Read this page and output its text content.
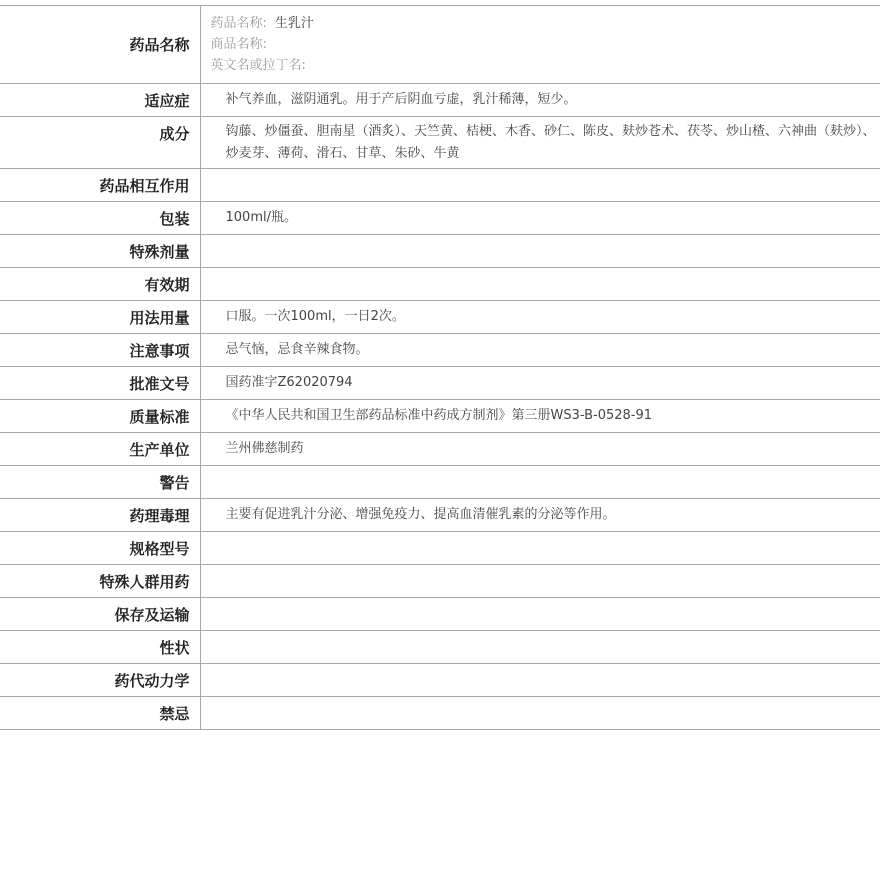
药品名称	药品名称: 生乳汁
商品名称:
英文名或拉丁名:

适应症	补气养血，滋阴通乳。用于产后阴血亏虚，乳汁稀薄，短少。
成分	钩藤、炒僵蚕、胆南星（酒炙）、天竺黄、桔梗、木香、砂仁、陈皮、麸炒苍术、茯苓、炒山楂、六神曲（麸炒）、炒麦芽、薄荷、滑石、甘草、朱砂、牛黄
药品相互作用	
包装	100ml/瓶。
特殊剂量	
有效期	
用法用量	口服。一次100ml，一日2次。
注意事项	忌气恼，忌食辛辣食物。
批准文号	国药准字Z62020794
质量标准	《中华人民共和国卫生部药品标准中药成方制剂》第三册WS3-B-0528-91
生产单位	兰州佛慈制药
警告	
药理毒理	主要有促进乳汁分泌、增强免疫力、提高血清催乳素的分泌等作用。
规格型号	
特殊人群用药	
保存及运输	
性状	
药代动力学	
禁忌	
